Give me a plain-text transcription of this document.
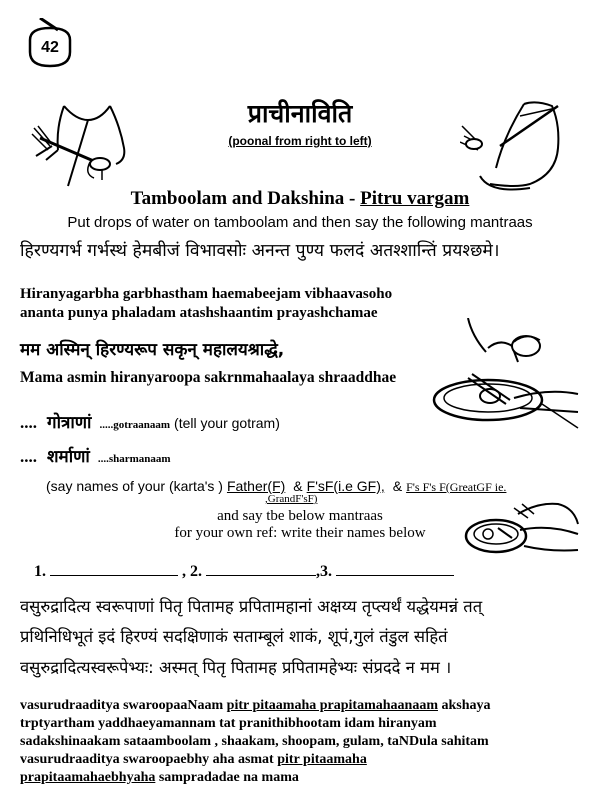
42
प्राचीनाविति
(poonal from right to left)
Tamboolam and Dakshina - Pitru vargam
Put drops of water on tamboolam and then say the following mantraas
हिरण्यगर्भ गर्भस्थं हेमबीजं विभावसोः अनन्त पुण्य फलदं अतश्शान्तिं प्रयश्छमे।
Hiranyagarbha garbhastham haemabeejam vibhaavasoho
ananta punya phaladam atashshaantim prayashchamae
मम अस्मिन् हिरण्यरूप सकृन् महालयश्राद्धे,
Mama asmin hiranyaroopa sakrnmahaalaya shraaddhae
.... गोत्राणां .....gotraanaam (tell your gotram)
.... शर्माणां ....sharmanaam
(say names of your (karta's ) Father(F) & F'sF(i.e GF), & F's F's F(GreatGF ie.
,GrandF'sF)
and say tbe below mantraas
for your own ref: write their names below
1.	, 2.	,3.
वसुरुद्रादित्य स्वरूपाणां पितृ पितामह प्रपितामहानां अक्षय्य तृप्त्यर्थं यद्धेयमन्नं तत्
प्रथिनिधिभूतं इदं हिरण्यं सदक्षिणाकं सताम्बूलं शाकं, शूपं,गुलं तंडुल सहितं
वसुरुद्रादित्यस्वरूपेभ्यः: अस्मत् पितृ पितामह प्रपितामहेभ्यः संप्रददे न मम ।
vasurudraaditya swaroopaaNaam pitr pitaamaha prapitamahaanaam akshaya
trptyartham yaddhaeyamannam tat pranithibhootam idam hiranyam
sadakshinaakam sataamboolam , shaakam, shoopam, gulam, taNDula sahitam
vasurudraaditya swaroopaebhy aha asmat pitr pitaamaha
prapitaamahaebhyaha sampradadae na mama
